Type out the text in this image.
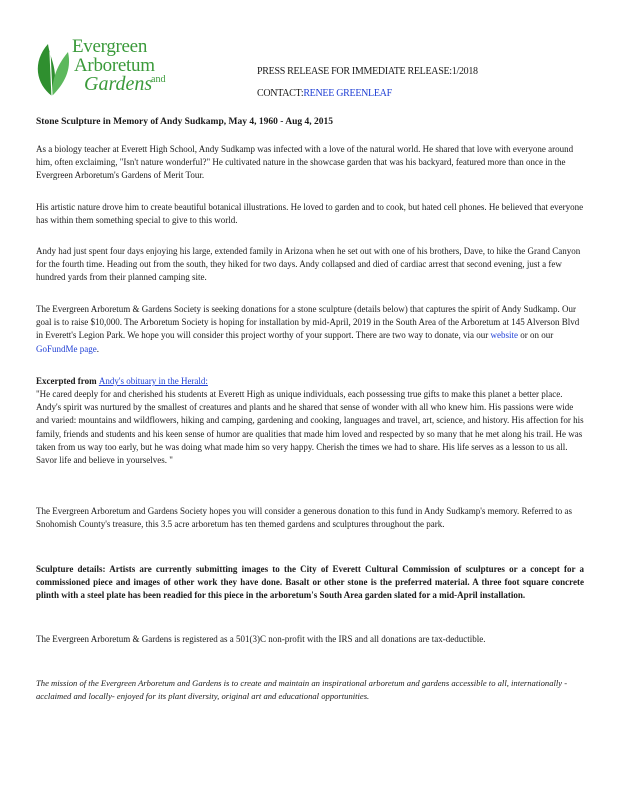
Evergreen
Arboretum
Gardens
and
PRESS RELEASE FOR IMMEDIATE RELEASE:1/2018
CONTACT:RENEE GREENLEAF
Stone Sculpture in Memory of Andy Sudkamp, May 4, 1960 - Aug 4, 2015
As a biology teacher at Everett High School, Andy Sudkamp was infected with a love of the natural world. He shared that love with everyone around him, often exclaiming, "Isn't nature wonderful?" He cultivated nature in the showcase garden that was his backyard, featured more than once in the Evergreen Arboretum's Gardens of Merit Tour.
His artistic nature drove him to create beautiful botanical illustrations. He loved to garden and to cook, but hated cell phones. He believed that everyone has within them something special to give to this world.
Andy had just spent four days enjoying his large, extended family in Arizona when he set out with one of his brothers, Dave, to hike the Grand Canyon for the fourth time. Heading out from the south, they hiked for two days. Andy collapsed and died of cardiac arrest that second evening, just a few hundred yards from their planned camping site.
The Evergreen Arboretum & Gardens Society is seeking donations for a stone sculpture (details below) that captures the spirit of Andy Sudkamp. Our goal is to raise $10,000. The Arboretum Society is hoping for installation by mid-April, 2019 in the South Area of the Arboretum at 145 Alverson Blvd in Everett's Legion Park. We hope you will consider this project worthy of your support. There are two way to donate, via our website or on our GoFundMe page.
Excerpted from Andy's obituary in the Herald:
"He cared deeply for and cherished his students at Everett High as unique individuals, each possessing true gifts to make this planet a better place. Andy's spirit was nurtured by the smallest of creatures and plants and he shared that sense of wonder with all who knew him. His passions were wide and varied: mountains and wildflowers, hiking and camping, gardening and cooking, languages and travel, art, science, and history. His affection for his family, friends and students and his keen sense of humor are qualities that made him loved and respected by so many that he met along his trail. He was taken from us way too early, but he was doing what made him so very happy. Cherish the times we had to share. His life serves as a lesson to us all. Savor life and believe in yourselves. "
The Evergreen Arboretum and Gardens Society hopes you will consider a generous donation to this fund in Andy Sudkamp's memory. Referred to as Snohomish County's treasure, this 3.5 acre arboretum has ten themed gardens and sculptures throughout the park.
Sculpture details: Artists are currently submitting images to the City of Everett Cultural Commission of sculptures or a concept for a commissioned piece and images of other work they have done. Basalt or other stone is the preferred material. A three foot square concrete plinth with a steel plate has been readied for this piece in the arboretum's South Area garden slated for a mid-April installation.
The Evergreen Arboretum & Gardens is registered as a 501(3)C non-profit with the IRS and all donations are tax-deductible.
The mission of the Evergreen Arboretum and Gardens is to create and maintain an inspirational arboretum and gardens accessible to all, internationally -acclaimed and locally- enjoyed for its plant diversity, original art and educational opportunities.
